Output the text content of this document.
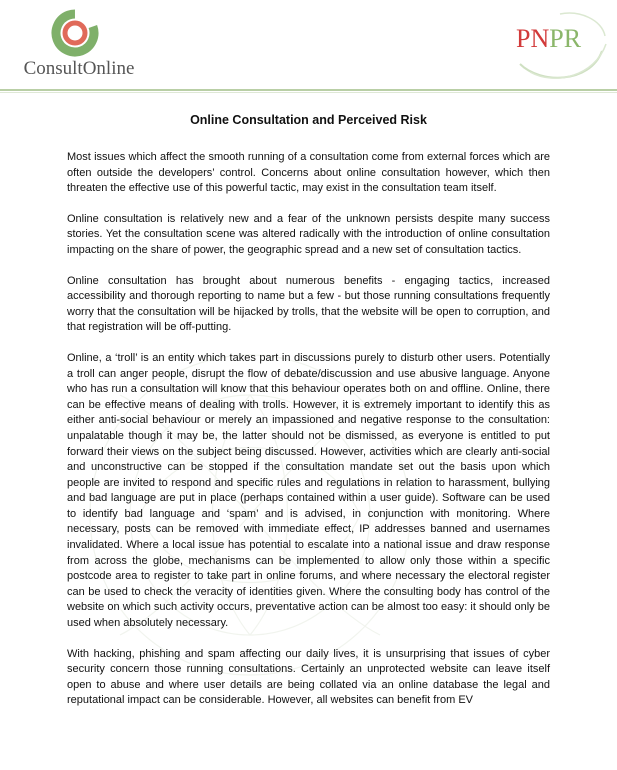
ConsultOnline
PNPR
Online Consultation and Perceived Risk

Most issues which affect the smooth running of a consultation come from external forces which are often outside the developers’ control. Concerns about online consultation however, which then threaten the effective use of this powerful tactic, may exist in the consultation team itself.

Online consultation is relatively new and a fear of the unknown persists despite many success stories. Yet the consultation scene was altered radically with the introduction of online consultation impacting on the share of power, the geographic spread and a new set of consultation tactics.

Online consultation has brought about numerous benefits - engaging tactics, increased accessibility and thorough reporting to name but a few - but those running consultations frequently worry that the consultation will be hijacked by trolls, that the website will be open to corruption, and that registration will be off-putting.

Online, a ‘troll’ is an entity which takes part in discussions purely to disturb other users. Potentially a troll can anger people, disrupt the flow of debate/discussion and use abusive language. Anyone who has run a consultation will know that this behaviour operates both on and offline. Online, there can be effective means of dealing with trolls. However, it is extremely important to identify this as either anti-social behaviour or merely an impassioned and negative response to the consultation: unpalatable though it may be, the latter should not be dismissed, as everyone is entitled to put forward their views on the subject being discussed. However, activities which are clearly anti-social and unconstructive can be stopped if the consultation mandate set out the basis upon which people are invited to respond and specific rules and regulations in relation to harassment, bullying and bad language are put in place (perhaps contained within a user guide). Software can be used to identify bad language and ‘spam’ and is advised, in conjunction with monitoring. Where necessary, posts can be removed with immediate effect, IP addresses banned and usernames invalidated. Where a local issue has potential to escalate into a national issue and draw response from across the globe, mechanisms can be implemented to allow only those within a specific postcode area to register to take part in online forums, and where necessary the electoral register can be used to check the veracity of identities given. Where the consulting body has control of the website on which such activity occurs, preventative action can be almost too easy: it should only be used when absolutely necessary.

With hacking, phishing and spam affecting our daily lives, it is unsurprising that issues of cyber security concern those running consultations. Certainly an unprotected website can leave itself open to abuse and where user details are being collated via an online database the legal and reputational impact can be considerable. However, all websites can benefit from EV
